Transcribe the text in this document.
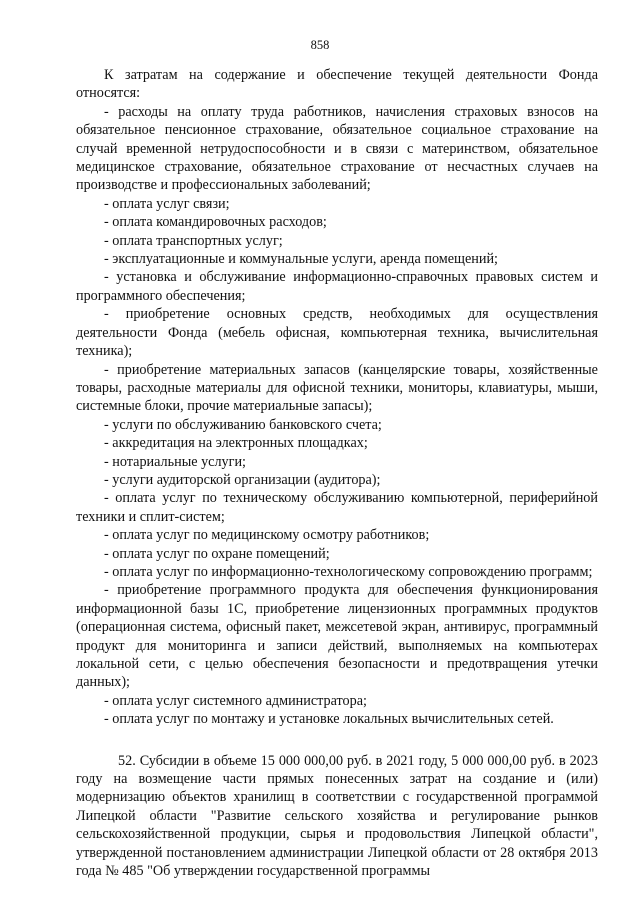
858

К затратам на содержание и обеспечение текущей деятельности Фонда относятся:

- расходы на оплату труда работников, начисления страховых взносов на обязательное пенсионное страхование, обязательное социальное страхование на случай временной нетрудоспособности и в связи с материнством, обязательное медицинское страхование, обязательное страхование от несчастных случаев на производстве и профессиональных заболеваний;

- оплата услуг связи;

- оплата командировочных расходов;

- оплата транспортных услуг;

- эксплуатационные и коммунальные услуги, аренда помещений;

- установка и обслуживание информационно-справочных правовых систем и программного обеспечения;

- приобретение основных средств, необходимых для осуществления деятельности Фонда (мебель офисная, компьютерная техника, вычислительная техника);

- приобретение материальных запасов (канцелярские товары, хозяйственные товары, расходные материалы для офисной техники, мониторы, клавиатуры, мыши, системные блоки, прочие материальные запасы);

- услуги по обслуживанию банковского счета;

- аккредитация на электронных площадках;

- нотариальные услуги;

- услуги аудиторской организации (аудитора);

- оплата услуг по техническому обслуживанию компьютерной, периферийной техники и сплит-систем;

- оплата услуг по медицинскому осмотру работников;

- оплата услуг по охране помещений;

- оплата услуг по информационно-технологическому сопровождению программ;

- приобретение программного продукта для обеспечения функционирования информационной базы 1С, приобретение лицензионных программных продуктов (операционная система, офисный пакет, межсетевой экран, антивирус, программный продукт для мониторинга и записи действий, выполняемых на компьютерах локальной сети, с целью обеспечения безопасности и предотвращения утечки данных);

- оплата услуг системного администратора;

- оплата услуг по монтажу и установке локальных вычислительных сетей.

52. Субсидии в объеме 15 000 000,00 руб. в 2021 году, 5 000 000,00 руб. в 2023 году на возмещение части прямых понесенных затрат на создание и (или) модернизацию объектов хранилищ в соответствии с государственной программой Липецкой области "Развитие сельского хозяйства и регулирование рынков сельскохозяйственной продукции, сырья и продовольствия Липецкой области", утвержденной постановлением администрации Липецкой области от 28 октября 2013 года № 485 "Об утверждении государственной программы
